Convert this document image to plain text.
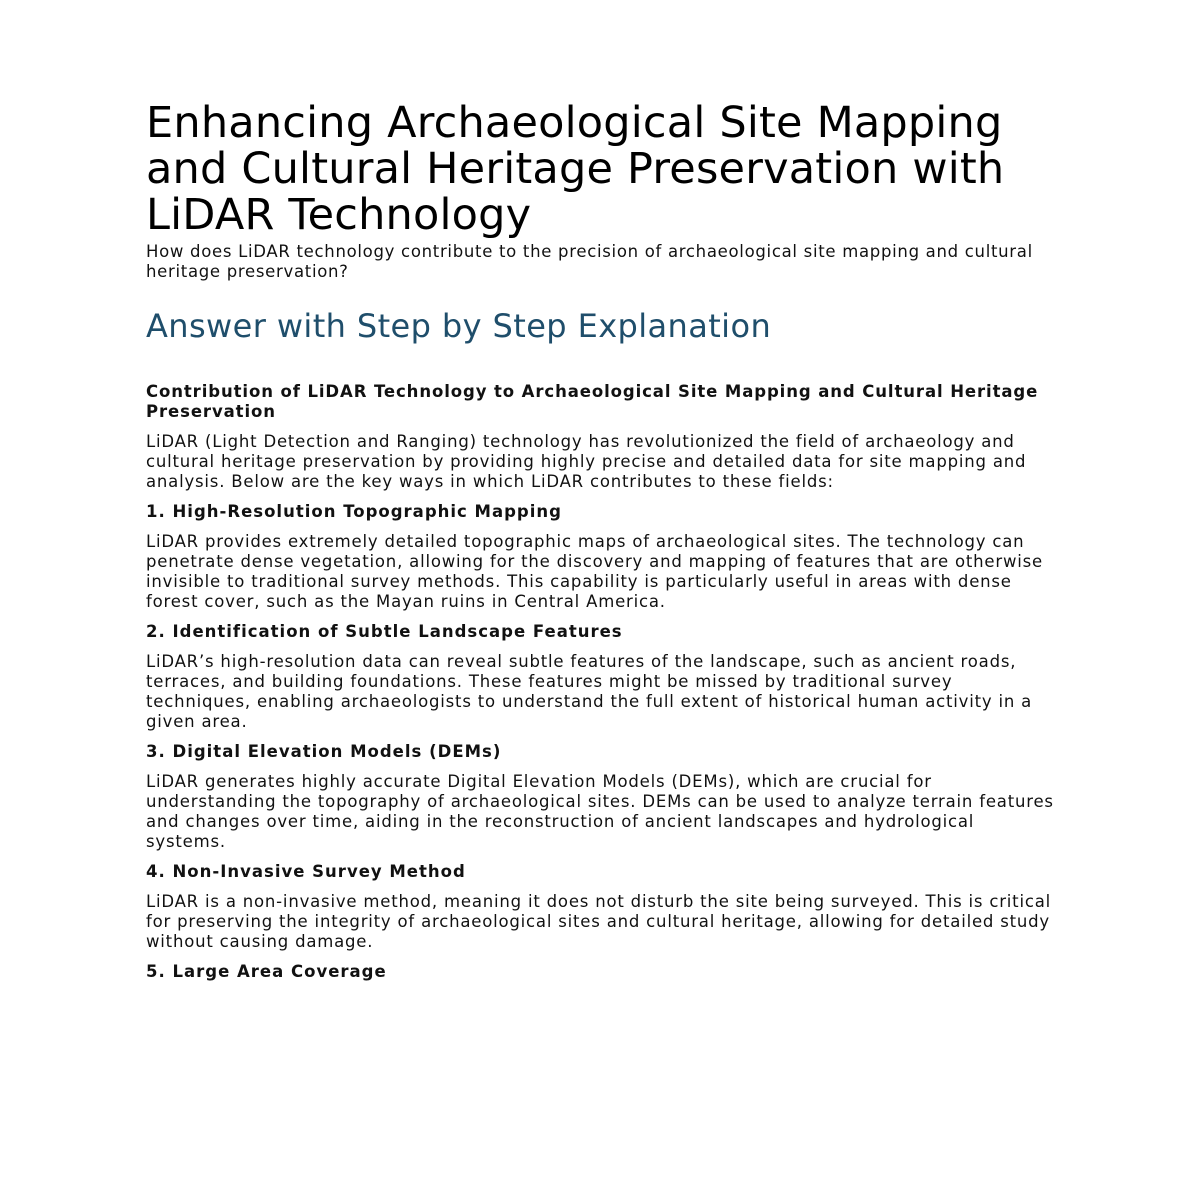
Enhancing Archaeological Site Mapping and Cultural Heritage Preservation with LiDAR Technology

How does LiDAR technology contribute to the precision of archaeological site mapping and cultural heritage preservation?

Answer with Step by Step Explanation
Contribution of LiDAR Technology to Archaeological Site Mapping and Cultural Heritage Preservation

LiDAR (Light Detection and Ranging) technology has revolutionized the field of archaeology and cultural heritage preservation by providing highly precise and detailed data for site mapping and analysis. Below are the key ways in which LiDAR contributes to these fields:

1. High-Resolution Topographic Mapping

LiDAR provides extremely detailed topographic maps of archaeological sites. The technology can penetrate dense vegetation, allowing for the discovery and mapping of features that are otherwise invisible to traditional survey methods. This capability is particularly useful in areas with dense forest cover, such as the Mayan ruins in Central America.

2. Identification of Subtle Landscape Features

LiDAR’s high-resolution data can reveal subtle features of the landscape, such as ancient roads, terraces, and building foundations. These features might be missed by traditional survey techniques, enabling archaeologists to understand the full extent of historical human activity in a given area.

3. Digital Elevation Models (DEMs)

LiDAR generates highly accurate Digital Elevation Models (DEMs), which are crucial for understanding the topography of archaeological sites. DEMs can be used to analyze terrain features and changes over time, aiding in the reconstruction of ancient landscapes and hydrological systems.

4. Non-Invasive Survey Method

LiDAR is a non-invasive method, meaning it does not disturb the site being surveyed. This is critical for preserving the integrity of archaeological sites and cultural heritage, allowing for detailed study without causing damage.

5. Large Area Coverage
